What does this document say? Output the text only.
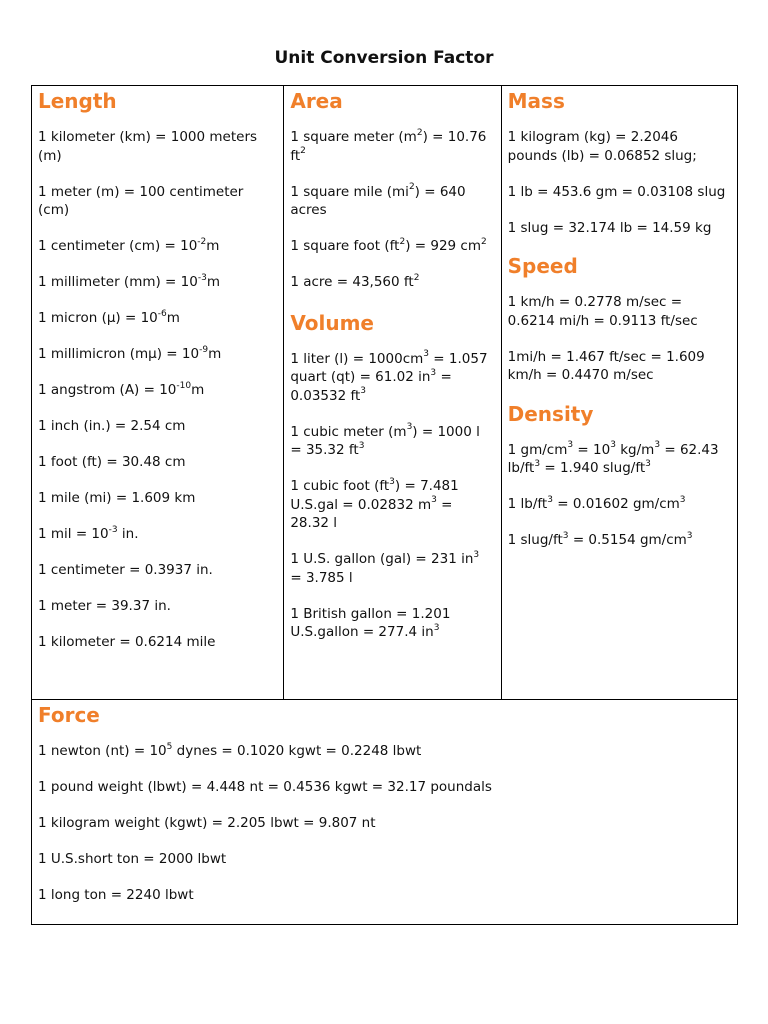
Unit Conversion Factor
Length
1 kilometer (km) = 1000 meters (m)
1 meter (m) = 100 centimeter (cm)
1 centimeter $(cm) = 10^{-2}m$
1 millimeter $(mm) = 10^{-3}m$
1 micron $(\mu) = 10^{-6}m$
1 millimicron $(m\mu) = 10^{-9}m$
1 angstrom $(A) = 10^{-10}m$
1 inch (in.) = 2.54 cm
1 foot (ft) = 30.48 cm
1 mile (mi) = 1.609 km
1 mil = $10^{-3}$ in.
1 centimeter = 0.3937 in.
1 meter = 39.37 in.
1 kilometer = 0.6214 mile

Area
1 square meter $(m^2) = 10.76$ $ft^2$
1 square mile $(mi^2) = 640$ acres
1 square foot $(ft^2) = 929$ $cm^2$
1 acre = 43,560 $ft^2$
Volume
1 liter $(l) = 1000cm^3 = 1.057$ quart (qt) = 61.02 $in^3 = 0.03532$ $ft^3$
1 cubic meter $(m^3) = 1000$ l = 35.32 $ft^3$
1 cubic foot $(ft^3) = 7.481$ U.S.gal = 0.02832 $m^3 = 28.32$ l
1 U.S. gallon (gal) = 231 $in^3 = 3.785$ l
1 British gallon = 1.201 U.S.gallon = 277.4 $in^3$

Mass
1 kilogram (kg) = 2.2046 pounds (lb) = 0.06852 slug;
1 lb = 453.6 gm = 0.03108 slug
1 slug = 32.174 lb = 14.59 kg
Speed
1 km/h = 0.2778 m/sec = 0.6214 mi/h = 0.9113 ft/sec
1mi/h = 1.467 ft/sec = 1.609 km/h = 0.4470 m/sec
Density
1 $gm/cm^3 = 10^3$ $kg/m^3 = 62.43$ $lb/ft^3 = 1.940$ slug/$ft^3$
1 $lb/ft^3 = 0.01602$ $gm/cm^3$
1 slug/$ft^3 = 0.5154$ $gm/cm^3$

Force
1 newton $(nt) = 10^5$ dynes = 0.1020 kgwt = 0.2248 lbwt
1 pound weight (lbwt) = 4.448 nt = 0.4536 kgwt = 32.17 poundals
1 kilogram weight (kgwt) = 2.205 lbwt = 9.807 nt
1 U.S.short ton = 2000 lbwt
1 long ton = 2240 lbwt
